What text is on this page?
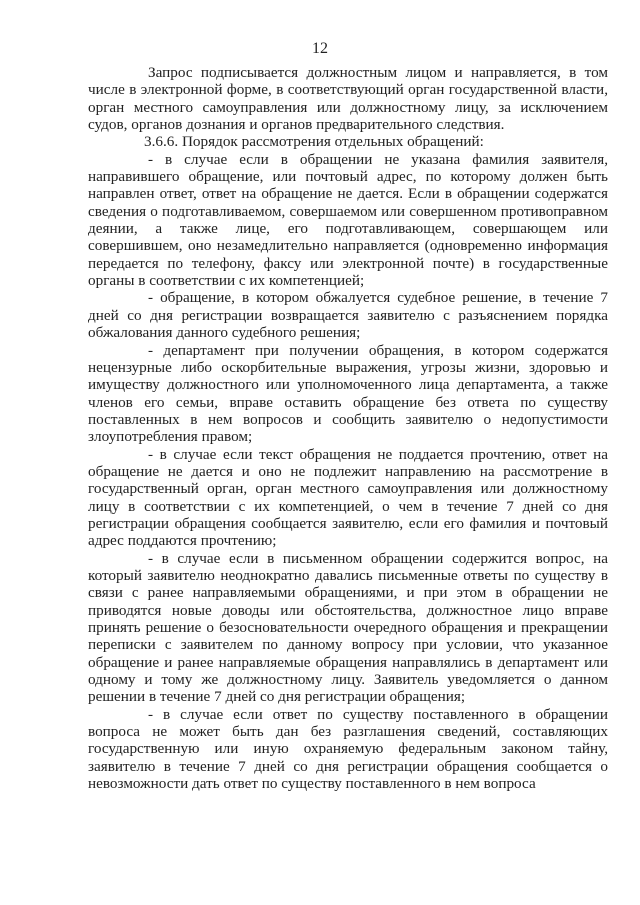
12

Запрос подписывается должностным лицом и направляется, в том числе в электронной форме, в соответствующий орган государственной власти, орган местного самоуправления или должностному лицу, за исключением судов, органов дознания и органов предварительного следствия.

3.6.6. Порядок рассмотрения отдельных обращений:

- в случае если в обращении не указана фамилия заявителя, направившего обращение, или почтовый адрес, по которому должен быть направлен ответ, ответ на обращение не дается. Если в обращении содержатся сведения о подготавливаемом, совершаемом или совершенном противоправном деянии, а также лице, его подготавливающем, совершающем или совершившем, оно незамедлительно направляется (одновременно информация передается по телефону, факсу или электронной почте) в государственные органы в соответствии с их компетенцией;

- обращение, в котором обжалуется судебное решение, в течение 7 дней со дня регистрации возвращается заявителю с разъяснением порядка обжалования данного судебного решения;

- департамент при получении обращения, в котором содержатся нецензурные либо оскорбительные выражения, угрозы жизни, здоровью и имуществу должностного или уполномоченного лица департамента, а также членов его семьи, вправе оставить обращение без ответа по существу поставленных в нем вопросов и сообщить заявителю о недопустимости злоупотребления правом;

- в случае если текст обращения не поддается прочтению, ответ на обращение не дается и оно не подлежит направлению на рассмотрение в государственный орган, орган местного самоуправления или должностному лицу в соответствии с их компетенцией, о чем в течение 7 дней со дня регистрации обращения сообщается заявителю, если его фамилия и почтовый адрес поддаются прочтению;

- в случае если в письменном обращении содержится вопрос, на который заявителю неоднократно давались письменные ответы по существу в связи с ранее направляемыми обращениями, и при этом в обращении не приводятся новые доводы или обстоятельства, должностное лицо вправе принять решение о безосновательности очередного обращения и прекращении переписки с заявителем по данному вопросу при условии, что указанное обращение и ранее направляемые обращения направлялись в департамент или одному и тому же должностному лицу. Заявитель уведомляется о данном решении в течение 7 дней со дня регистрации обращения;

- в случае если ответ по существу поставленного в обращении вопроса не может быть дан без разглашения сведений, составляющих государственную или иную охраняемую федеральным законом тайну, заявителю в течение 7 дней со дня регистрации обращения сообщается о невозможности дать ответ по существу поставленного в нем вопроса
